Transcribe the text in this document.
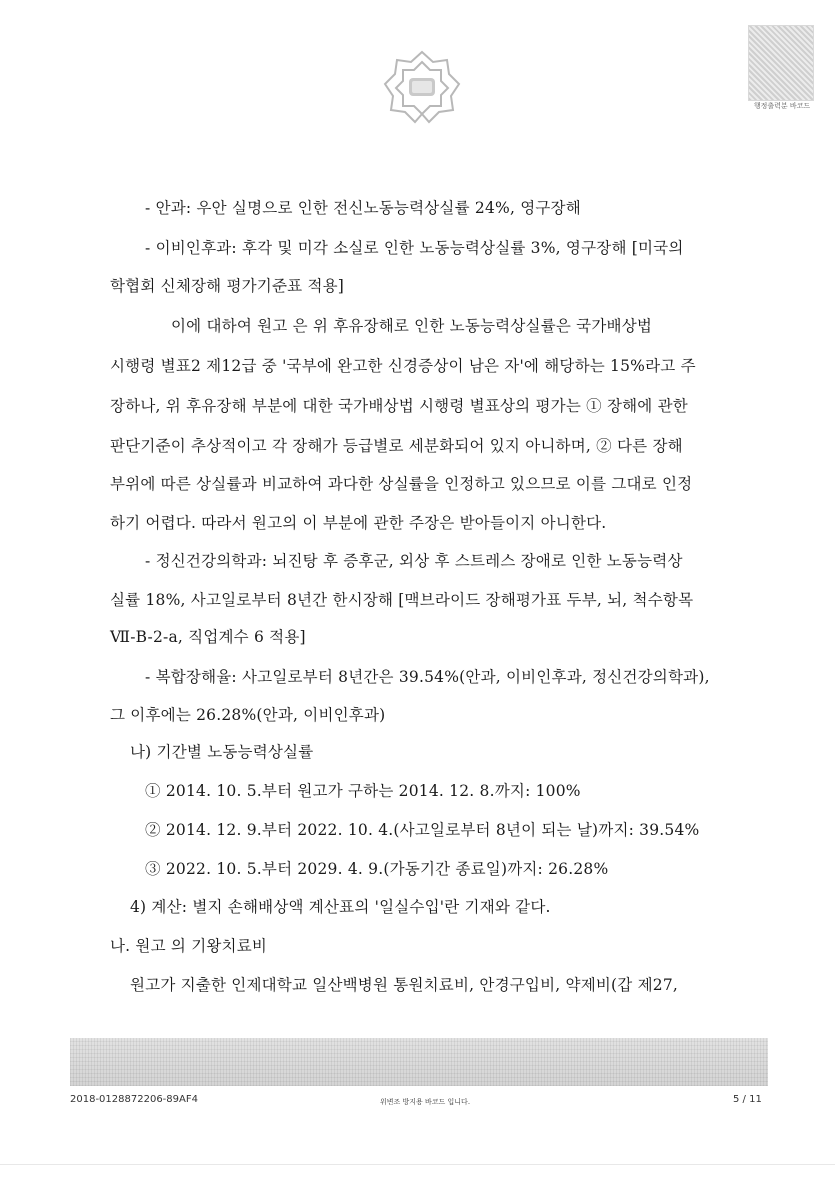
행정출력분 바코드
- 안과: 우안 실명으로 인한 전신노동능력상실률 24%, 영구장해
- 이비인후과: 후각 및 미각 소실로 인한 노동능력상실률 3%, 영구장해 [미국의
학협회 신체장해 평가기준표 적용]
이에 대하여 원고 은 위 후유장해로 인한 노동능력상실률은 국가배상법
시행령 별표2 제12급 중 '국부에 완고한 신경증상이 남은 자'에 해당하는 15%라고 주
장하나, 위 후유장해 부분에 대한 국가배상법 시행령 별표상의 평가는 ① 장해에 관한
판단기준이 추상적이고 각 장해가 등급별로 세분화되어 있지 아니하며, ② 다른 장해
부위에 따른 상실률과 비교하여 과다한 상실률을 인정하고 있으므로 이를 그대로 인정
하기 어렵다. 따라서 원고의 이 부분에 관한 주장은 받아들이지 아니한다.
- 정신건강의학과: 뇌진탕 후 증후군, 외상 후 스트레스 장애로 인한 노동능력상
실률 18%, 사고일로부터 8년간 한시장해 [맥브라이드 장해평가표 두부, 뇌, 척수항목
Ⅶ-B-2-a, 직업계수 6 적용]
- 복합장해율: 사고일로부터 8년간은 39.54%(안과, 이비인후과, 정신건강의학과),
그 이후에는 26.28%(안과, 이비인후과)
나) 기간별 노동능력상실률
① 2014. 10. 5.부터 원고가 구하는 2014. 12. 8.까지: 100%
② 2014. 12. 9.부터 2022. 10. 4.(사고일로부터 8년이 되는 날)까지: 39.54%
③ 2022. 10. 5.부터 2029. 4. 9.(가동기간 종료일)까지: 26.28%
4) 계산: 별지 손해배상액 계산표의 '일실수입'란 기재와 같다.
나. 원고 의 기왕치료비
원고가 지출한 인제대학교 일산백병원 통원치료비, 안경구입비, 약제비(갑 제27,
2018-0128872206-89AF4	위변조 방지용 바코드 입니다.	5 / 11
